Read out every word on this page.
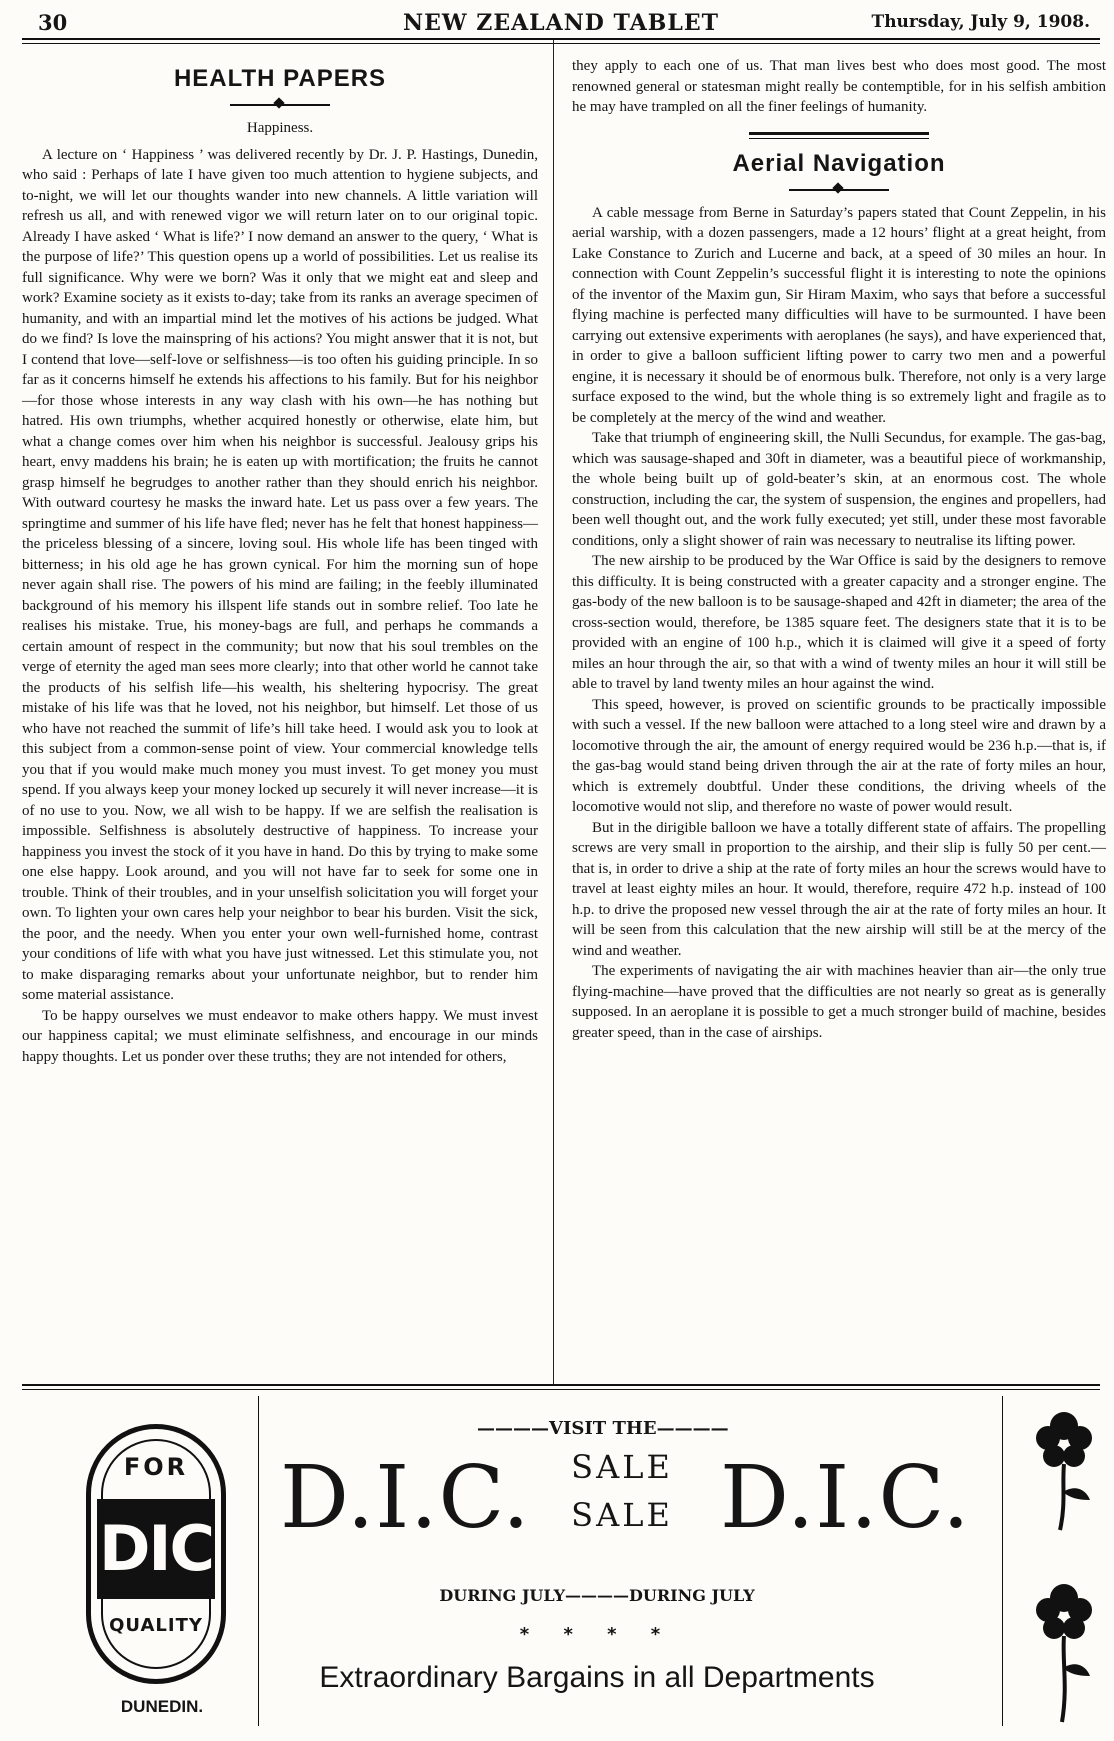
30	NEW ZEALAND TABLET	Thursday, July 9, 1908.
HEALTH PAPERS
Happiness.

A lecture on ‘ Happiness ’ was delivered recently by Dr. J. P. Hastings, Dunedin, who said : Perhaps of late I have given too much attention to hygiene subjects, and to-night, we will let our thoughts wander into new channels. A little variation will refresh us all, and with renewed vigor we will return later on to our original topic. Already I have asked ‘ What is life?’ I now demand an answer to the query, ‘ What is the purpose of life?’ This question opens up a world of possibilities. Let us realise its full significance. Why were we born? Was it only that we might eat and sleep and work? Examine society as it exists to-day; take from its ranks an average specimen of humanity, and with an impartial mind let the motives of his actions be judged. What do we find? Is love the mainspring of his actions? You might answer that it is not, but I contend that love—self-love or selfishness—is too often his guiding principle. In so far as it concerns himself he extends his affections to his family. But for his neighbor—for those whose interests in any way clash with his own—he has nothing but hatred. His own triumphs, whether acquired honestly or otherwise, elate him, but what a change comes over him when his neighbor is successful. Jealousy grips his heart, envy maddens his brain; he is eaten up with mortification; the fruits he cannot grasp himself he begrudges to another rather than they should enrich his neighbor. With outward courtesy he masks the inward hate. Let us pass over a few years. The springtime and summer of his life have fled; never has he felt that honest happiness—the priceless blessing of a sincere, loving soul. His whole life has been tinged with bitterness; in his old age he has grown cynical. For him the morning sun of hope never again shall rise. The powers of his mind are failing; in the feebly illuminated background of his memory his illspent life stands out in sombre relief. Too late he realises his mistake. True, his money-bags are full, and perhaps he commands a certain amount of respect in the community; but now that his soul trembles on the verge of eternity the aged man sees more clearly; into that other world he cannot take the products of his selfish life—his wealth, his sheltering hypocrisy. The great mistake of his life was that he loved, not his neighbor, but himself. Let those of us who have not reached the summit of life’s hill take heed. I would ask you to look at this subject from a common-sense point of view. Your commercial knowledge tells you that if you would make much money you must invest. To get money you must spend. If you always keep your money locked up securely it will never increase—it is of no use to you. Now, we all wish to be happy. If we are selfish the realisation is impossible. Selfishness is absolutely destructive of happiness. To increase your happiness you invest the stock of it you have in hand. Do this by trying to make some one else happy. Look around, and you will not have far to seek for some one in trouble. Think of their troubles, and in your unselfish solicitation you will forget your own. To lighten your own cares help your neighbor to bear his burden. Visit the sick, the poor, and the needy. When you enter your own well-furnished home, contrast your conditions of life with what you have just witnessed. Let this stimulate you, not to make disparaging remarks about your unfortunate neighbor, but to render him some material assistance.

To be happy ourselves we must endeavor to make others happy. We must invest our happiness capital; we must eliminate selfishness, and encourage in our minds happy thoughts. Let us ponder over these truths; they are not intended for others,

they apply to each one of us. That man lives best who does most good. The most renowned general or statesman might really be contemptible, for in his selfish ambition he may have trampled on all the finer feelings of humanity.

Aerial Navigation

A cable message from Berne in Saturday’s papers stated that Count Zeppelin, in his aerial warship, with a dozen passengers, made a 12 hours’ flight at a great height, from Lake Constance to Zurich and Lucerne and back, at a speed of 30 miles an hour. In connection with Count Zeppelin’s successful flight it is interesting to note the opinions of the inventor of the Maxim gun, Sir Hiram Maxim, who says that before a successful flying machine is perfected many difficulties will have to be surmounted. I have been carrying out extensive experiments with aeroplanes (he says), and have experienced that, in order to give a balloon sufficient lifting power to carry two men and a powerful engine, it is necessary it should be of enormous bulk. Therefore, not only is a very large surface exposed to the wind, but the whole thing is so extremely light and fragile as to be completely at the mercy of the wind and weather.

Take that triumph of engineering skill, the Nulli Secundus, for example. The gas-bag, which was sausage-shaped and 30ft in diameter, was a beautiful piece of workmanship, the whole being built up of gold-beater’s skin, at an enormous cost. The whole construction, including the car, the system of suspension, the engines and propellers, had been well thought out, and the work fully executed; yet still, under these most favorable conditions, only a slight shower of rain was necessary to neutralise its lifting power.

The new airship to be produced by the War Office is said by the designers to remove this difficulty. It is being constructed with a greater capacity and a stronger engine. The gas-body of the new balloon is to be sausage-shaped and 42ft in diameter; the area of the cross-section would, therefore, be 1385 square feet. The designers state that it is to be provided with an engine of 100 h.p., which it is claimed will give it a speed of forty miles an hour through the air, so that with a wind of twenty miles an hour it will still be able to travel by land twenty miles an hour against the wind.

This speed, however, is proved on scientific grounds to be practically impossible with such a vessel. If the new balloon were attached to a long steel wire and drawn by a locomotive through the air, the amount of energy required would be 236 h.p.—that is, if the gas-bag would stand being driven through the air at the rate of forty miles an hour, which is extremely doubtful. Under these conditions, the driving wheels of the locomotive would not slip, and therefore no waste of power would result.

But in the dirigible balloon we have a totally different state of affairs. The propelling screws are very small in proportion to the airship, and their slip is fully 50 per cent.—that is, in order to drive a ship at the rate of forty miles an hour the screws would have to travel at least eighty miles an hour. It would, therefore, require 472 h.p. instead of 100 h.p. to drive the proposed new vessel through the air at the rate of forty miles an hour. It will be seen from this calculation that the new airship will still be at the mercy of the wind and weather.

The experiments of navigating the air with machines heavier than air—the only true flying-machine—have proved that the difficulties are not nearly so great as is generally supposed. In an aeroplane it is possible to get a much stronger build of machine, besides greater speed, than in the case of airships.

FOR
DIC
QUALITY
DUNEDIN.
————VISIT THE————
D.I.C. D.I.C.
SALE
SALE
DURING JULY————DURING JULY
* * * *
Extraordinary Bargains in all Departments
